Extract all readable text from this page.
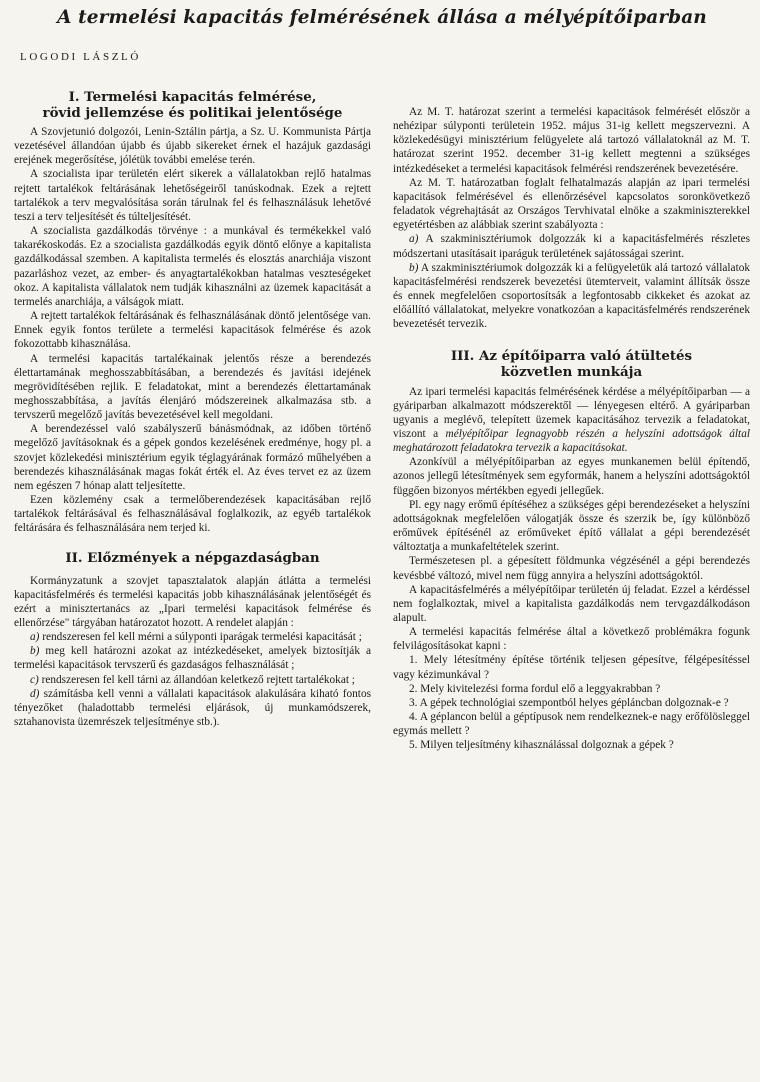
A termelési kapacitás felmérésének állása a mélyépítőiparban
LOGODI LÁSZLÓ
I. Termelési kapacitás felmérése,
rövid jellemzése és politikai jelentősége

A Szovjetunió dolgozói, Lenin-Sztálin pártja, a Sz. U. Kommunista Pártja vezetésével állandóan újabb és újabb sikereket érnek el hazájuk gazdasági erejének megerősítése, jólétük további emelése terén.

A szocialista ipar területén elért sikerek a vállalatokban rejlő hatalmas rejtett tartalékok feltárásának lehetőségeiről tanúskodnak. Ezek a rejtett tartalékok a terv megvalósítása során tárulnak fel és felhasználásuk lehetővé teszi a terv teljesítését és túlteljesítését.

A szocialista gazdálkodás törvénye : a munkával és termékekkel való takarékoskodás. Ez a szocialista gazdálkodás egyik döntő előnye a kapitalista gazdálkodással szemben. A kapitalista termelés és elosztás anarchiája viszont pazarláshoz vezet, az ember- és anyagtartalékokban hatalmas veszteségeket okoz. A kapitalista vállalatok nem tudják kihasználni az üzemek kapacitását a termelés anarchiája, a válságok miatt.

A rejtett tartalékok feltárásának és felhasználásának döntő jelentősége van. Ennek egyik fontos területe a termelési kapacitások felmérése és azok fokozottabb kihasználása.

A termelési kapacitás tartalékainak jelentős része a berendezés élettartamának meghosszabbításában, a berendezés és javítási idejének megrövidítésében rejlik. E feladatokat, mint a berendezés élettartamának meghosszabbítása, a javítás élenjáró módszereinek alkalmazása stb. a tervszerű megelőző javítás bevezetésével kell megoldani.

A berendezéssel való szabályszerű bánásmódnak, az időben történő megelőző javításoknak és a gépek gondos kezelésének eredménye, hogy pl. a szovjet közlekedési minisztérium egyik téglagyárának formázó műhelyében a berendezés kihasználásának magas fokát érték el. Az éves tervet ez az üzem nem egészen 7 hónap alatt teljesítette.

Ezen közlemény csak a termelőberendezések kapacitásában rejlő tartalékok feltárásával és felhasználásával foglalkozik, az egyéb tartalékok feltárására és felhasználására nem terjed ki.

II. Előzmények a népgazdaságban

Kormányzatunk a szovjet tapasztalatok alapján átlátta a termelési kapacitásfelmérés és termelési kapacitás jobb kihasználásának jelentőségét és ezért a minisztertanács az „Ipari termelési kapacitások felmérése és ellenőrzése" tárgyában határozatot hozott. A rendelet alapján :

a) rendszeresen fel kell mérni a súlyponti iparágak termelési kapacitását ;

b) meg kell határozni azokat az intézkedéseket, amelyek biztosítják a termelési kapacitások tervszerű és gazdaságos felhasználását ;

c) rendszeresen fel kell tárni az állandóan keletkező rejtett tartalékokat ;

d) számításba kell venni a vállalati kapacitások alakulására kiható fontos tényezőket (haladottabb termelési eljárások, új munkamódszerek, sztahanovista üzemrészek teljesítménye stb.).

Az M. T. határozat szerint a termelési kapacitások felmérését először a nehézipar súlyponti területein 1952. május 31-ig kellett megszervezni. A közlekedésügyi minisztérium felügyelete alá tartozó vállalatoknál az M. T. határozat szerint 1952. december 31-ig kellett megtenni a szükséges intézkedéseket a termelési kapacitások felmérési rendszerének bevezetésére.

Az M. T. határozatban foglalt felhatalmazás alapján az ipari termelési kapacitások felmérésével és ellenőrzésével kapcsolatos soronkövetkező feladatok végrehajtását az Országos Tervhivatal elnöke a szakminiszterekkel egyetértésben az alábbiak szerint szabályozta :

a) A szakminisztériumok dolgozzák ki a kapacitásfelmérés részletes módszertani utasításait iparáguk területének sajátosságai szerint.

b) A szakminisztériumok dolgozzák ki a felügyeletük alá tartozó vállalatok kapacitásfelmérési rendszerek bevezetési ütemterveit, valamint állítsák össze és ennek megfelelően csoportosítsák a legfontosabb cikkeket és azokat az előállító vállalatokat, melyekre vonatkozóan a kapacitásfelmérés rendszerének bevezetését tervezik.

III. Az építőiparra való átültetés
közvetlen munkája

Az ipari termelési kapacitás felmérésének kérdése a mélyépítőiparban — a gyáriparban alkalmazott módszerektől — lényegesen eltérő. A gyáriparban ugyanis a meglévő, telepített üzemek kapacitásához tervezik a feladatokat, viszont a mélyépítőipar legnagyobb részén a helyszíni adottságok által meghatározott feladatokra tervezik a kapacitásokat.

Azonkívül a mélyépítőiparban az egyes munkanemen belül építendő, azonos jellegű létesítmények sem egyformák, hanem a helyszíni adottságoktól függően bizonyos mértékben egyedi jellegűek.

Pl. egy nagy erőmű építéséhez a szükséges gépi berendezéseket a helyszíni adottságoknak megfelelően válogatják össze és szerzik be, így különböző erőművek építésénél az erőműveket építő vállalat a gépi berendezését változtatja a munkafeltételek szerint.

Természetesen pl. a gépesített földmunka végzésénél a gépi berendezés kevésbbé változó, mivel nem függ annyira a helyszíni adottságoktól.

A kapacitásfelmérés a mélyépítőipar területén új feladat. Ezzel a kérdéssel nem foglalkoztak, mivel a kapitalista gazdálkodás nem tervgazdálkodáson alapult.

A termelési kapacitás felmérése által a következő problémákra fogunk felvilágosításokat kapni :

1. Mely létesítmény építése történik teljesen gépesítve, félgépesítéssel vagy kézimunkával ?

2. Mely kivitelezési forma fordul elő a leggyakrabban ?

3. A gépek technológiai szempontból helyes gépláncban dolgoznak-e ?

4. A géplancon belül a géptípusok nem rendelkeznek-e nagy erőfölösleggel egymás mellett ?

5. Milyen teljesítmény kihasználással dolgoznak a gépek ?
